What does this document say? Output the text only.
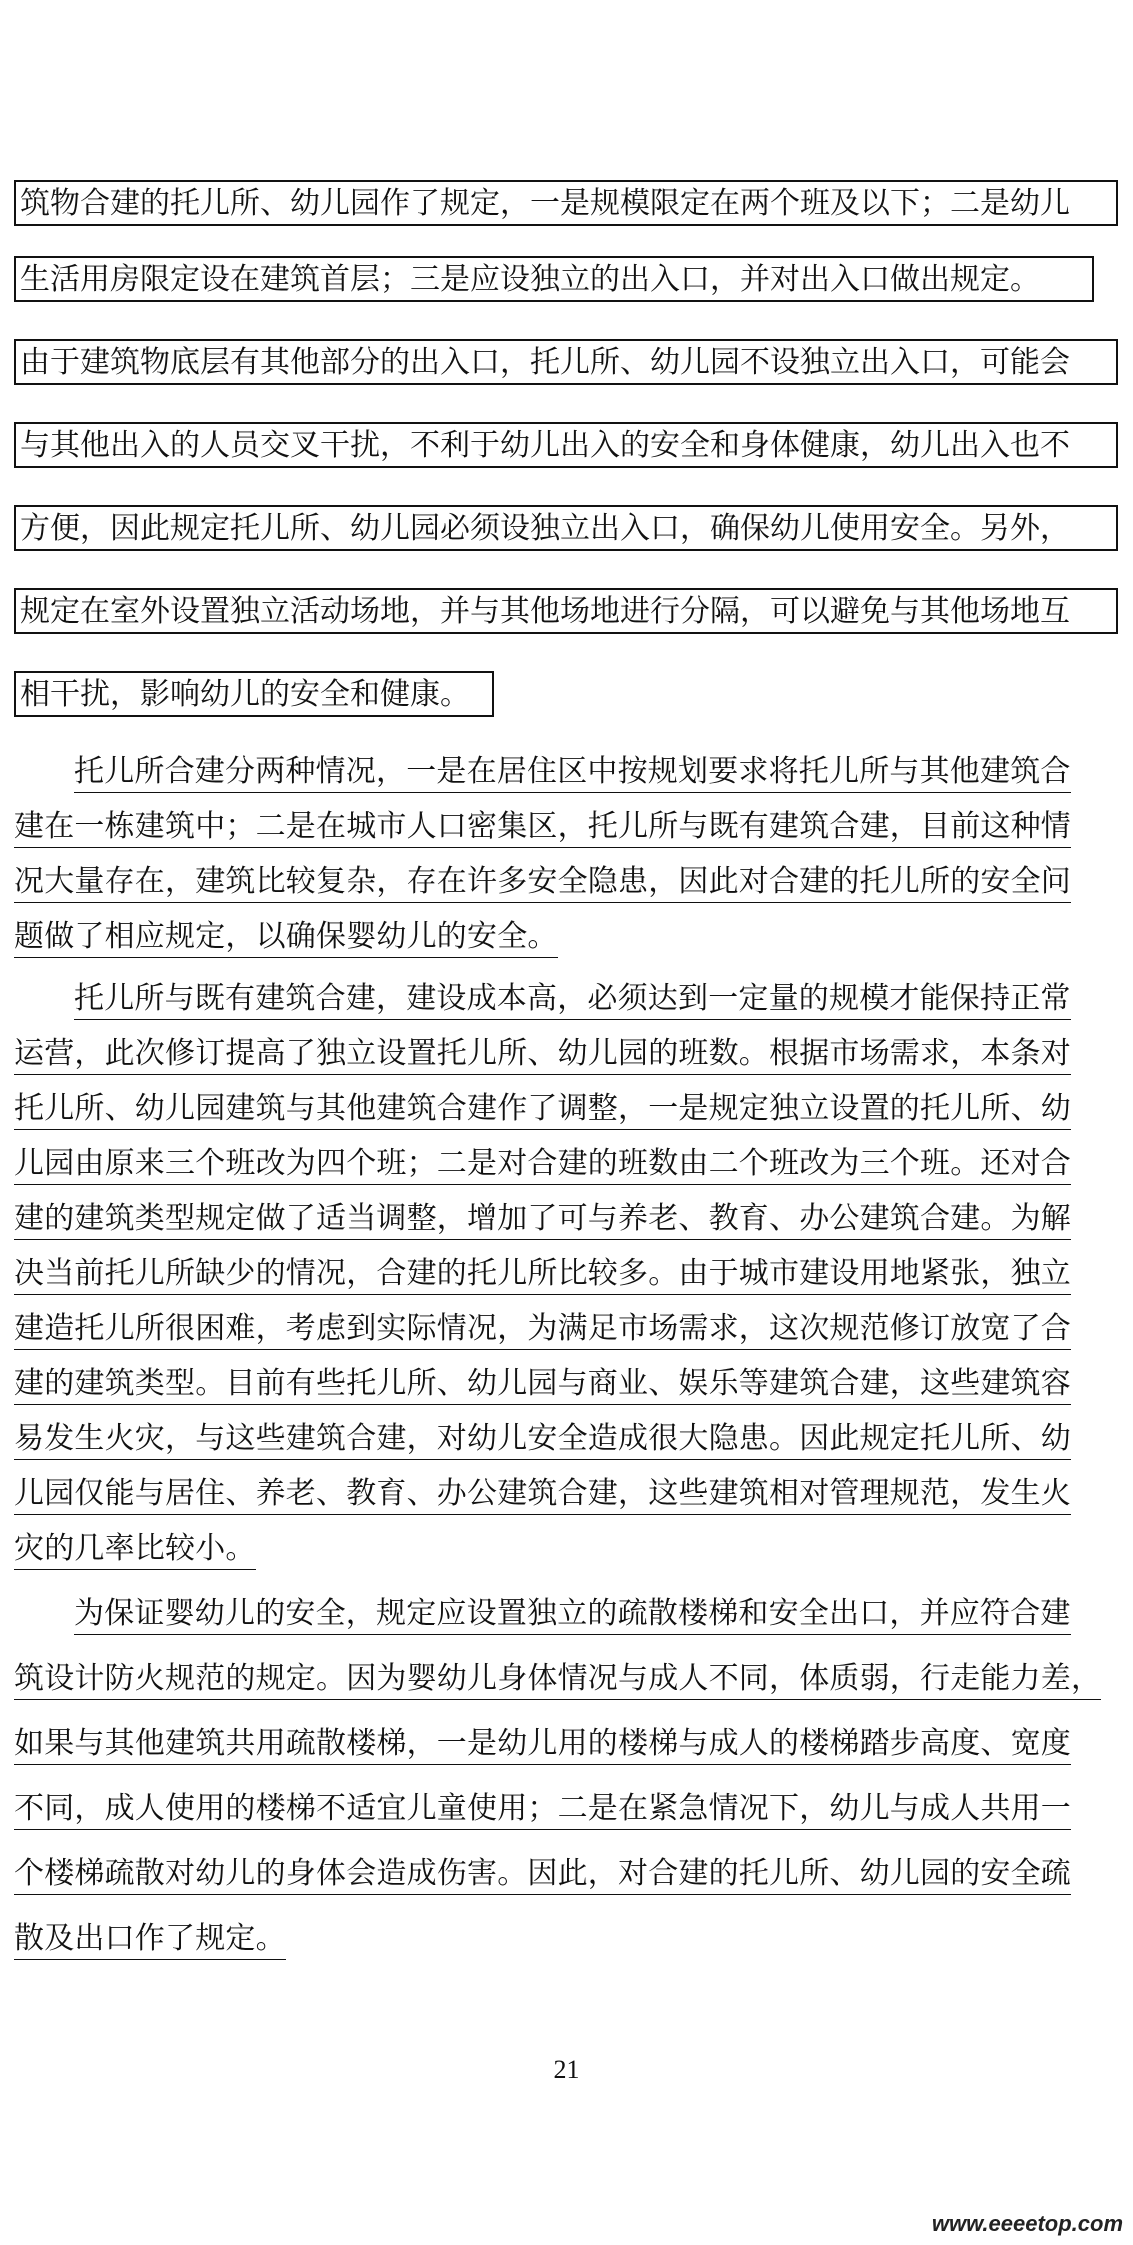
筑物合建的托儿所、幼儿园作了规定，一是规模限定在两个班及以下；二是幼儿
生活用房限定设在建筑首层；三是应设独立的出入口，并对出入口做出规定。
由于建筑物底层有其他部分的出入口，托儿所、幼儿园不设独立出入口，可能会
与其他出入的人员交叉干扰，不利于幼儿出入的安全和身体健康，幼儿出入也不
方便，因此规定托儿所、幼儿园必须设独立出入口，确保幼儿使用安全。另外，
规定在室外设置独立活动场地，并与其他场地进行分隔，可以避免与其他场地互
相干扰，影响幼儿的安全和健康。
托儿所合建分两种情况，一是在居住区中按规划要求将托儿所与其他建筑合
建在一栋建筑中；二是在城市人口密集区，托儿所与既有建筑合建，目前这种情
况大量存在，建筑比较复杂，存在许多安全隐患，因此对合建的托儿所的安全问
题做了相应规定，以确保婴幼儿的安全。
托儿所与既有建筑合建，建设成本高，必须达到一定量的规模才能保持正常
运营，此次修订提高了独立设置托儿所、幼儿园的班数。根据市场需求，本条对
托儿所、幼儿园建筑与其他建筑合建作了调整，一是规定独立设置的托儿所、幼
儿园由原来三个班改为四个班；二是对合建的班数由二个班改为三个班。还对合
建的建筑类型规定做了适当调整，增加了可与养老、教育、办公建筑合建。为解
决当前托儿所缺少的情况，合建的托儿所比较多。由于城市建设用地紧张，独立
建造托儿所很困难，考虑到实际情况，为满足市场需求，这次规范修订放宽了合
建的建筑类型。目前有些托儿所、幼儿园与商业、娱乐等建筑合建，这些建筑容
易发生火灾，与这些建筑合建，对幼儿安全造成很大隐患。因此规定托儿所、幼
儿园仅能与居住、养老、教育、办公建筑合建，这些建筑相对管理规范，发生火
灾的几率比较小。
为保证婴幼儿的安全，规定应设置独立的疏散楼梯和安全出口，并应符合建
筑设计防火规范的规定。因为婴幼儿身体情况与成人不同，体质弱，行走能力差，
如果与其他建筑共用疏散楼梯，一是幼儿用的楼梯与成人的楼梯踏步高度、宽度
不同，成人使用的楼梯不适宜儿童使用；二是在紧急情况下，幼儿与成人共用一
个楼梯疏散对幼儿的身体会造成伤害。因此，对合建的托儿所、幼儿园的安全疏
散及出口作了规定。
21
www.eeeetop.com
